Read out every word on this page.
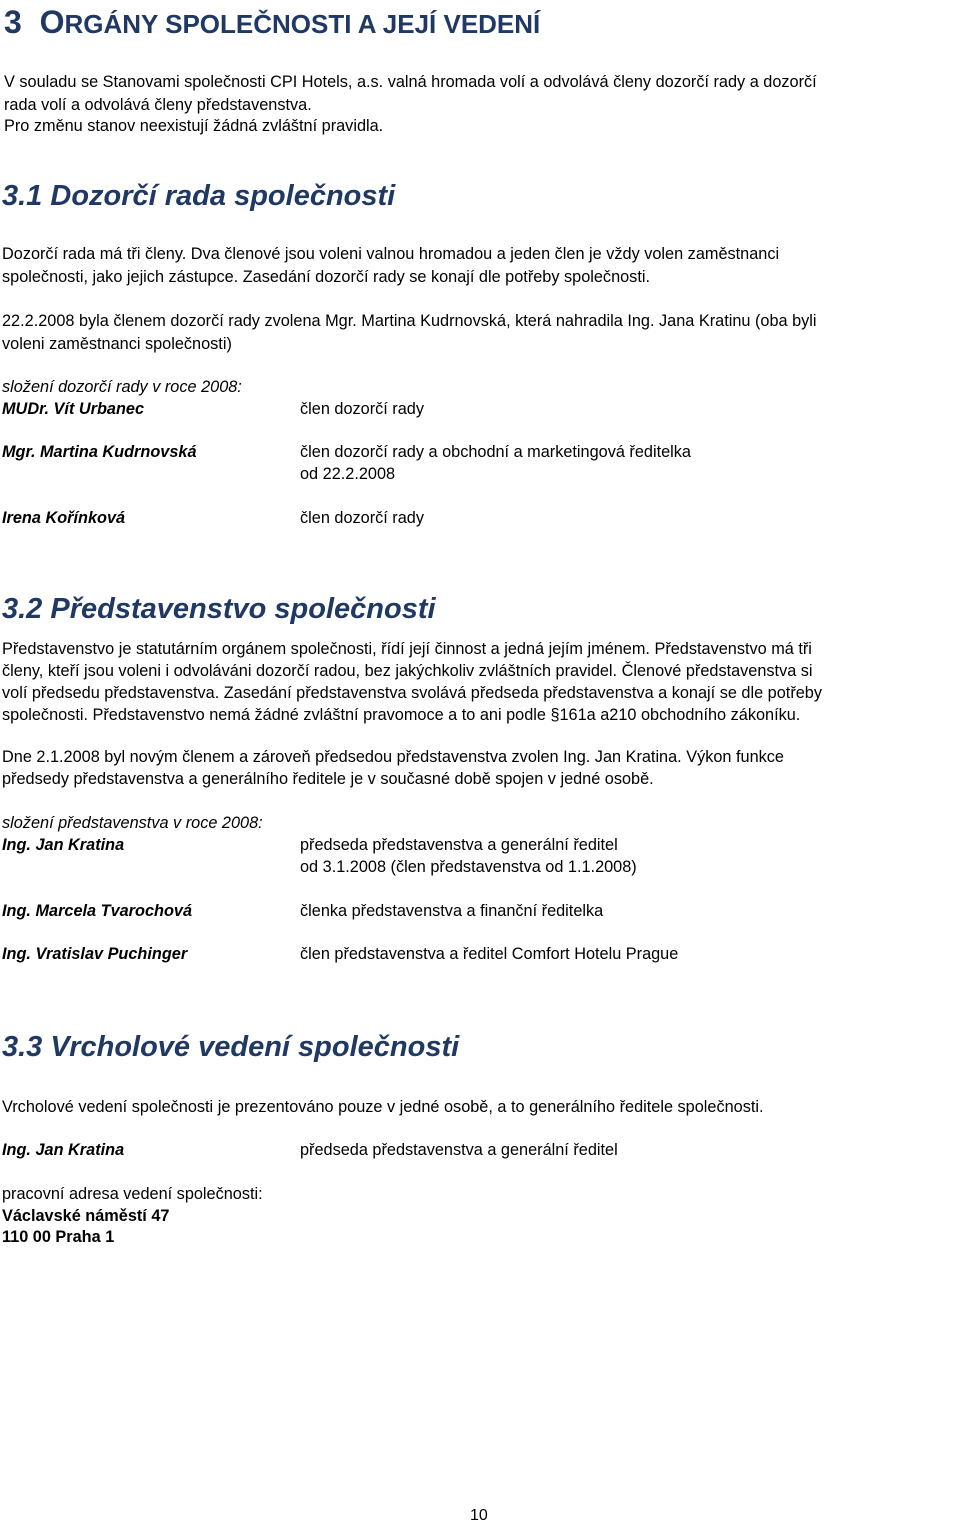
3 ORGÁNY SPOLEČNOSTI A JEJÍ VEDENÍ
V souladu se Stanovami společnosti CPI Hotels, a.s. valná hromada volí a odvolává členy dozorčí rady a dozorčí
rada volí a odvolává členy představenstva.
Pro změnu stanov neexistují žádná zvláštní pravidla.
3.1 Dozorčí rada společnosti
Dozorčí rada má tři členy. Dva členové jsou voleni valnou hromadou a jeden člen je vždy volen zaměstnanci
společnosti, jako jejich zástupce. Zasedání dozorčí rady se konají dle potřeby společnosti.
22.2.2008 byla členem dozorčí rady zvolena Mgr. Martina Kudrnovská, která nahradila Ing. Jana Kratinu (oba byli
voleni zaměstnanci společnosti)
složení dozorčí rady v roce 2008:
MUDr. Vít Urbanec	člen dozorčí rady
Mgr. Martina Kudrnovská	člen dozorčí rady a obchodní a marketingová ředitelka
od 22.2.2008
Irena Kořínková	člen dozorčí rady
3.2 Představenstvo společnosti
Představenstvo je statutárním orgánem společnosti, řídí její činnost a jedná jejím jménem. Představenstvo má tři
členy, kteří jsou voleni i odvoláváni dozorčí radou, bez jakýchkoliv zvláštních pravidel. Členové představenstva si
volí předsedu představenstva. Zasedání představenstva svolává předseda představenstva a konají se dle potřeby
společnosti. Představenstvo nemá žádné zvláštní pravomoce a to ani podle §161a a210 obchodního zákoníku.
Dne 2.1.2008 byl novým členem a zároveň předsedou představenstva zvolen Ing. Jan Kratina. Výkon funkce
předsedy představenstva a generálního ředitele je v současné době spojen v jedné osobě.
složení představenstva v roce 2008:
Ing. Jan Kratina	předseda představenstva a generální ředitel
od 3.1.2008 (člen představenstva od 1.1.2008)
Ing. Marcela Tvarochová	členka představenstva a finanční ředitelka
Ing. Vratislav Puchinger	člen představenstva a ředitel Comfort Hotelu Prague
3.3 Vrcholové vedení společnosti
Vrcholové vedení společnosti je prezentováno pouze v jedné osobě, a to generálního ředitele společnosti.
Ing. Jan Kratina	předseda představenstva a generální ředitel
pracovní adresa vedení společnosti:
Václavské náměstí 47
110 00 Praha 1
10
